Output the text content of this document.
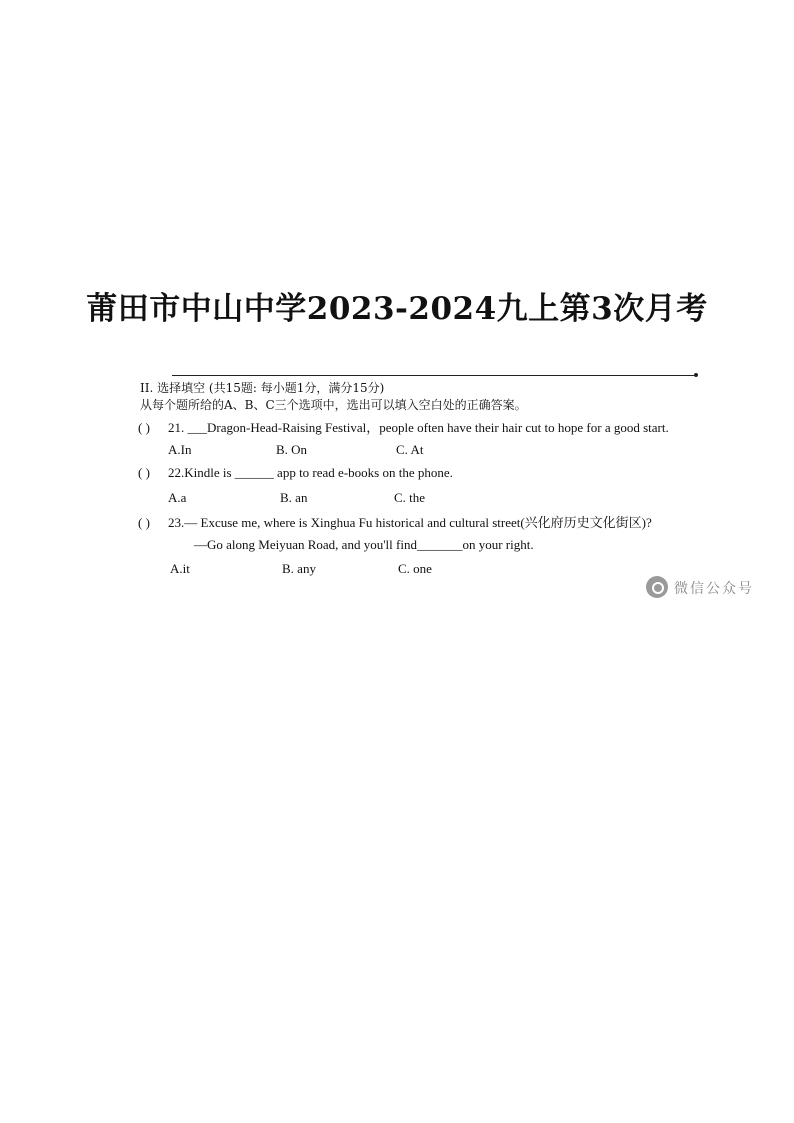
莆田市中山中学2023-2024九上第3次月考
II. 选择填空 (共15题: 每小题1分，满分15分)
从每个题所给的A、B、C三个选项中，选出可以填入空白处的正确答案。
( ) 21. ___Dragon-Head-Raising Festival，people often have their hair cut to hope for a good start.
A.In	B. On	C. At
( ) 22.Kindle is ______ app to read e-books on the phone.
A.a	B. an	C. the
( ) 23.— Excuse me, where is Xinghua Fu historical and cultural street(兴化府历史文化街区)?
—Go along Meiyuan Road, and you'll find_______on your right.
A.it	B. any	C. one
微信公众号
